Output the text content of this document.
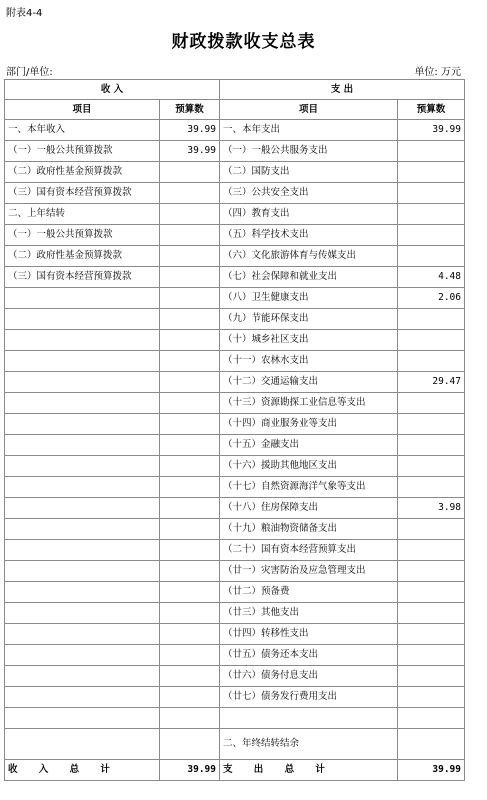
附表4-4
财政拨款收支总表
部门/单位:	单位: 万元
收 入		支 出	
项目	预算数	项目	预算数
一、本年收入	39.99	一、本年支出	39.99
（一）一般公共预算拨款	39.99	（一）一般公共服务支出	
（二）政府性基金预算拨款		（二）国防支出	
（三）国有资本经营预算拨款		（三）公共安全支出	
二、上年结转		（四）教育支出	
（一）一般公共预算拨款		（五）科学技术支出	
（二）政府性基金预算拨款		（六）文化旅游体育与传媒支出	
（三）国有资本经营预算拨款		（七）社会保障和就业支出	4.48
		（八）卫生健康支出	2.06
		（九）节能环保支出	
		（十）城乡社区支出	
		（十一）农林水支出	
		（十二）交通运输支出	29.47
		（十三）资源勘探工业信息等支出	
		（十四）商业服务业等支出	
		（十五）金融支出	
		（十六）援助其他地区支出	
		（十七）自然资源海洋气象等支出	
		（十八）住房保障支出	3.98
		（十九）粮油物资储备支出	
		（二十）国有资本经营预算支出	
		（廿一）灾害防治及应急管理支出	
		（廿二）预备费	
		（廿三）其他支出	
		（廿四）转移性支出	
		（廿五）债务还本支出	
		（廿六）债务付息支出	
		（廿七）债务发行费用支出	

		二、年终结转结余	
收 入 总 计	39.99	支 出 总 计	39.99
